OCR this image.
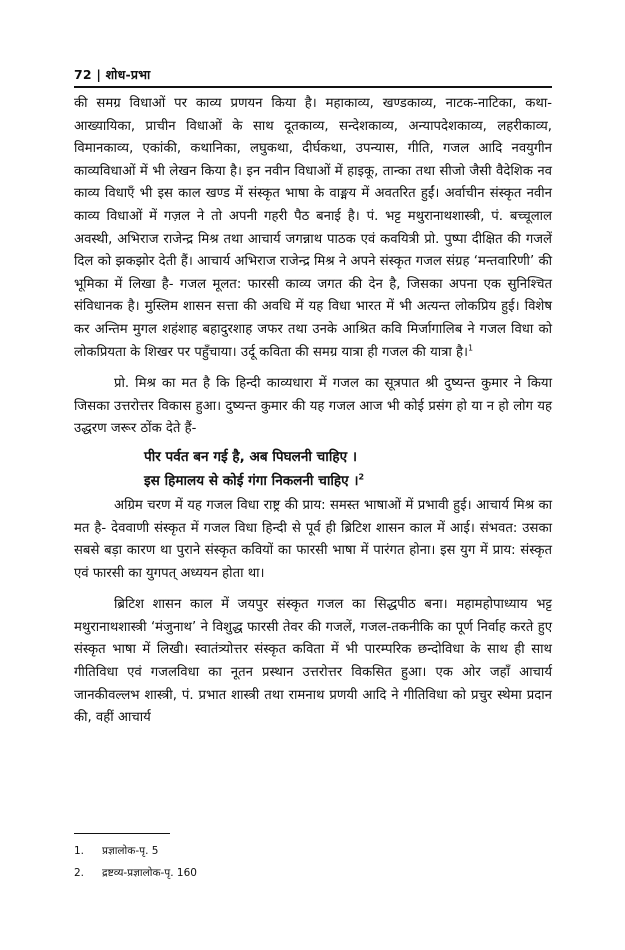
72 | शोध-प्रभा

की समग्र विधाओं पर काव्य प्रणयन किया है। महाकाव्य, खण्डकाव्य, नाटक-नाटिका, कथा-आख्यायिका, प्राचीन विधाओं के साथ दूतकाव्य, सन्देशकाव्य, अन्यापदेशकाव्य, लहरीकाव्य, विमानकाव्य, एकांकी, कथानिका, लघुकथा, दीर्घकथा, उपन्यास, गीति, गजल आदि नवयुगीन काव्यविधाओं में भी लेखन किया है। इन नवीन विधाओं में हाइकू, तान्का तथा सीजो जैसी वैदेशिक नव काव्य विधाएँ भी इस काल खण्ड में संस्कृत भाषा के वाङ्मय में अवतरित हुईं। अर्वाचीन संस्कृत नवीन काव्य विधाओं में गज़ल ने तो अपनी गहरी पैठ बनाई है। पं. भट्ट मथुरानाथशास्त्री, पं. बच्चूलाल अवस्थी, अभिराज राजेन्द्र मिश्र तथा आचार्य जगन्नाथ पाठक एवं कवयित्री प्रो. पुष्पा दीक्षित की गजलें दिल को झकझोर देती हैं। आचार्य अभिराज राजेन्द्र मिश्र ने अपने संस्कृत गजल संग्रह ‘मन्तवारिणी’ की भूमिका में लिखा है- गजल मूलत: फारसी काव्य जगत की देन है, जिसका अपना एक सुनिश्चित संविधानक है। मुस्लिम शासन सत्ता की अवधि में यह विधा भारत में भी अत्यन्त लोकप्रिय हुई। विशेष कर अन्तिम मुगल शहंशाह बहादुरशाह जफर तथा उनके आश्रित कवि मिर्जागालिब ने गजल विधा को लोकप्रियता के शिखर पर पहुँचाया। उर्दू कविता की समग्र यात्रा ही गजल की यात्रा है।$^1$

प्रो. मिश्र का मत है कि हिन्दी काव्यधारा में गजल का सूत्रपात श्री दुष्यन्त कुमार ने किया जिसका उत्तरोत्तर विकास हुआ। दुष्यन्त कुमार की यह गजल आज भी कोई प्रसंग हो या न हो लोग यह उद्धरण जरूर ठोंक देते हैं-

पीर पर्वत बन गई है, अब पिघलनी चाहिए ।
इस हिमालय से कोई गंगा निकलनी चाहिए ।$^2$

अग्रिम चरण में यह गजल विधा राष्ट्र की प्राय: समस्त भाषाओं में प्रभावी हुई। आचार्य मिश्र का मत है- देववाणी संस्कृत में गजल विधा हिन्दी से पूर्व ही ब्रिटिश शासन काल में आई। संभवत: उसका सबसे बड़ा कारण था पुराने संस्कृत कवियों का फारसी भाषा में पारंगत होना। इस युग में प्राय: संस्कृत एवं फारसी का युगपत् अध्ययन होता था।

ब्रिटिश शासन काल में जयपुर संस्कृत गजल का सिद्धपीठ बना। महामहोपाध्याय भट्ट मथुरानाथशास्त्री ‘मंजुनाथ’ ने विशुद्ध फारसी तेवर की गजलें, गजल-तकनीकि का पूर्ण निर्वाह करते हुए संस्कृत भाषा में लिखी। स्वातंत्र्योत्तर संस्कृत कविता में भी पारम्परिक छन्दोविधा के साथ ही साथ गीतिविधा एवं गजलविधा का नूतन प्रस्थान उत्तरोत्तर विकसित हुआ। एक ओर जहाँ आचार्य जानकीवल्लभ शास्त्री, पं. प्रभात शास्त्री तथा रामनाथ प्रणयी आदि ने गीतिविधा को प्रचुर स्थेमा प्रदान की, वहीं आचार्य

1.	प्रज्ञालोक-पृ. 5
2.	द्रष्टव्य-प्रज्ञालोक-पृ. 160
